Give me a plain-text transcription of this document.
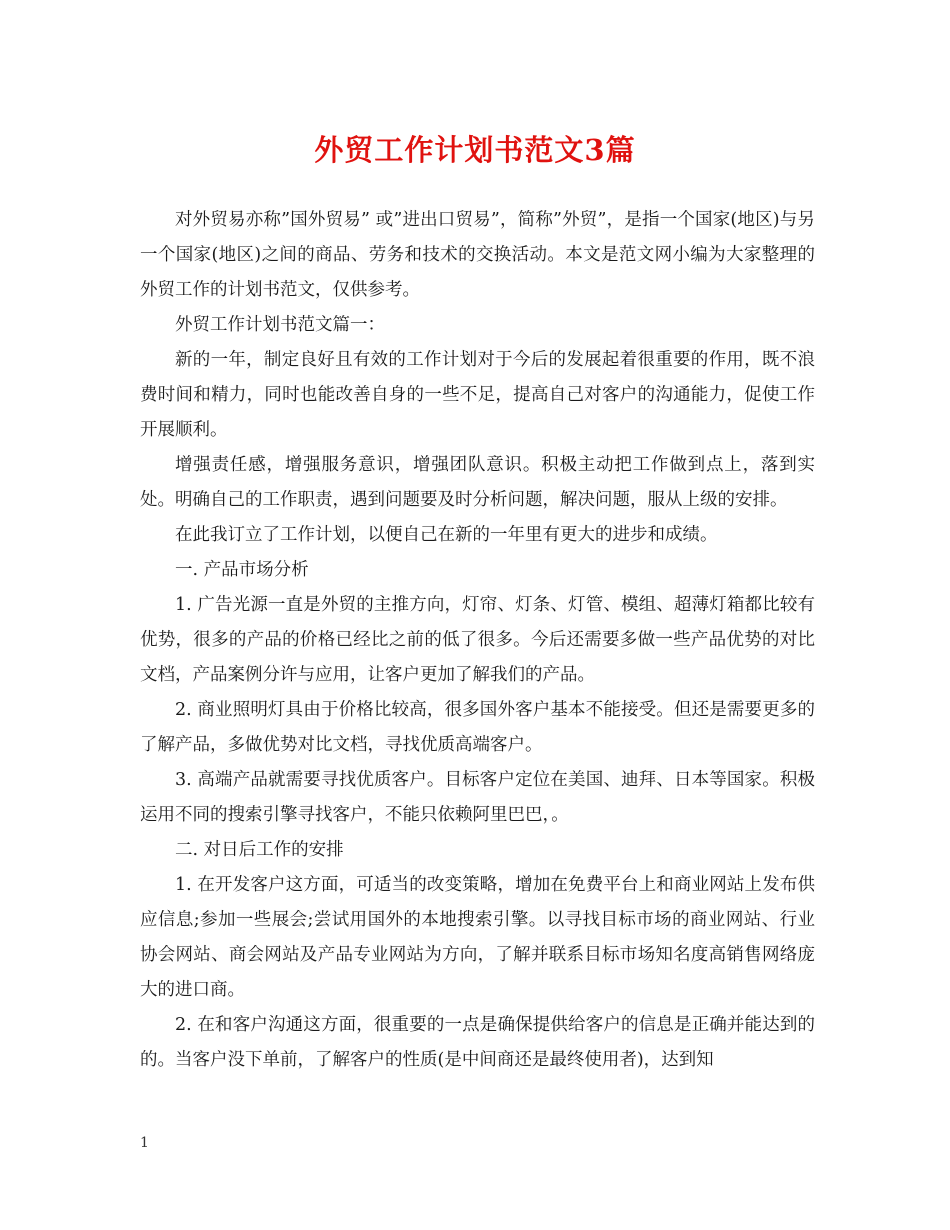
外贸工作计划书范文3篇

对外贸易亦称”国外贸易” 或”进出口贸易”，简称”外贸”，是指一个国家(地区)与另一个国家(地区)之间的商品、劳务和技术的交换活动。本文是范文网小编为大家整理的外贸工作的计划书范文，仅供参考。

外贸工作计划书范文篇一：

新的一年，制定良好且有效的工作计划对于今后的发展起着很重要的作用，既不浪费时间和精力，同时也能改善自身的一些不足，提高自己对客户的沟通能力，促使工作开展顺利。

增强责任感，增强服务意识，增强团队意识。积极主动把工作做到点上，落到实处。明确自己的工作职责，遇到问题要及时分析问题，解决问题，服从上级的安排。

在此我订立了工作计划，以便自己在新的一年里有更大的进步和成绩。

一. 产品市场分析

1. 广告光源一直是外贸的主推方向，灯帘、灯条、灯管、模组、超薄灯箱都比较有优势，很多的产品的价格已经比之前的低了很多。今后还需要多做一些产品优势的对比文档，产品案例分许与应用，让客户更加了解我们的产品。

2. 商业照明灯具由于价格比较高，很多国外客户基本不能接受。但还是需要更多的了解产品，多做优势对比文档，寻找优质高端客户。

3. 高端产品就需要寻找优质客户。目标客户定位在美国、迪拜、日本等国家。积极运用不同的搜索引擎寻找客户，不能只依赖阿里巴巴，。

二. 对日后工作的安排

1. 在开发客户这方面，可适当的改变策略，增加在免费平台上和商业网站上发布供应信息;参加一些展会;尝试用国外的本地搜索引擎。以寻找目标市场的商业网站、行业协会网站、商会网站及产品专业网站为方向，了解并联系目标市场知名度高销售网络庞大的进口商。

2. 在和客户沟通这方面，很重要的一点是确保提供给客户的信息是正确并能达到的的。当客户没下单前，了解客户的性质(是中间商还是最终使用者)，达到知

1
